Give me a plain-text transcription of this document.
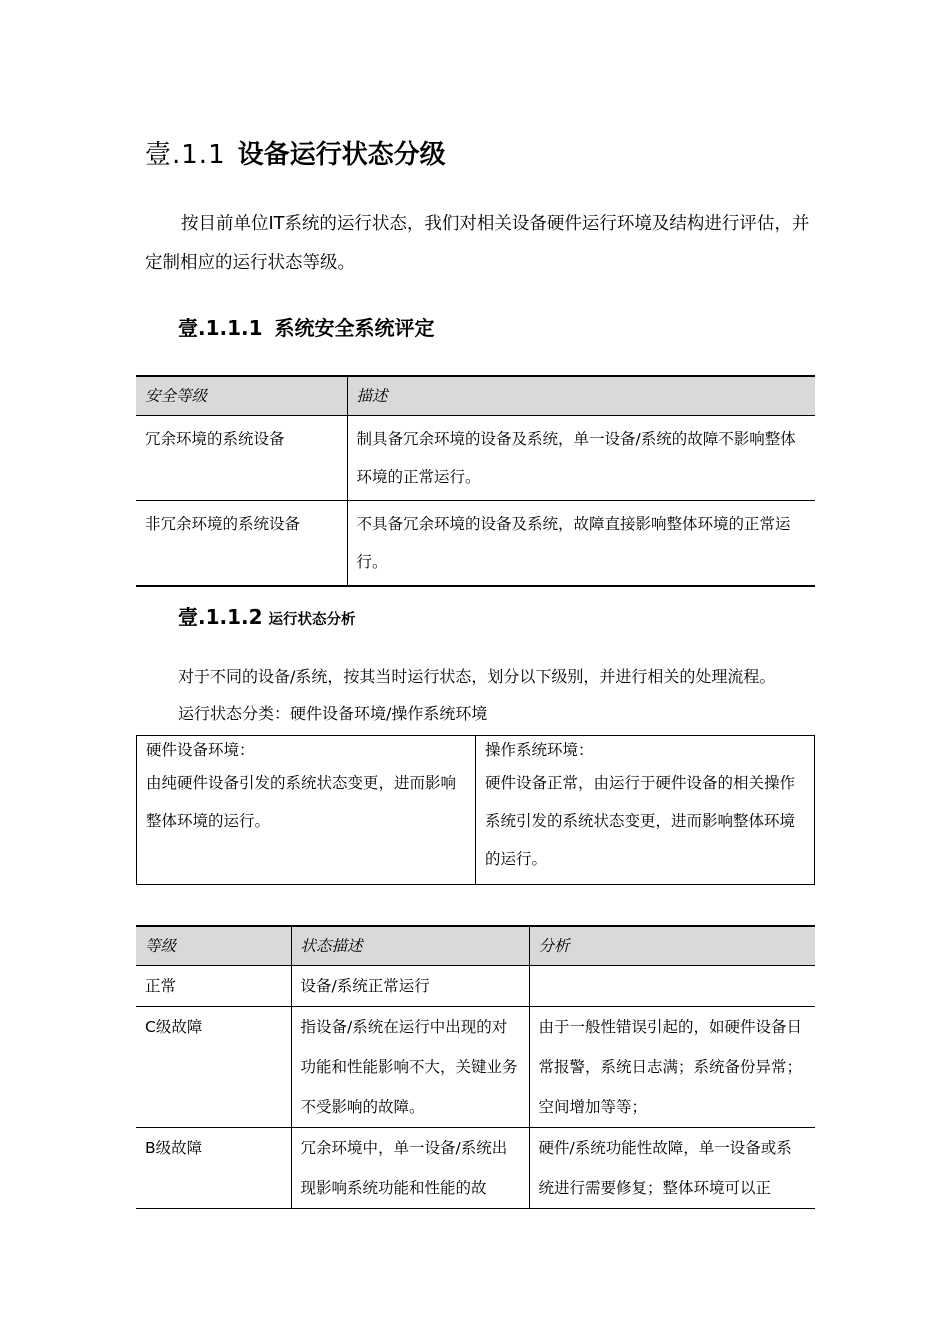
壹.1.1 设备运行状态分级
按目前单位IT系统的运行状态，我们对相关设备硬件运行环境及结构进行评估，并定制相应的运行状态等级。
壹.1.1.1 系统安全系统评定
安全等级	描述
冗余环境的系统设备	制具备冗余环境的设备及系统，单一设备/系统的故障不影响整体环境的正常运行。
非冗余环境的系统设备	不具备冗余环境的设备及系统，故障直接影响整体环境的正常运行。
壹.1.1.2 运行状态分析
对于不同的设备/系统，按其当时运行状态，划分以下级别，并进行相关的处理流程。
运行状态分类：硬件设备环境/操作系统环境
硬件设备环境：
由纯硬件设备引发的系统状态变更，进而影响整体环境的运行。

操作系统环境：
硬件设备正常，由运行于硬件设备的相关操作系统引发的系统状态变更，进而影响整体环境的运行。
等级	状态描述	分析
正常	设备/系统正常运行	
C级故障	指设备/系统在运行中出现的对功能和性能影响不大，关键业务不受影响的故障。	由于一般性错误引起的，如硬件设备日常报警，系统日志满；系统备份异常；空间增加等等；
B级故障	冗余环境中，单一设备/系统出现影响系统功能和性能的故	硬件/系统功能性故障，单一设备或系统进行需要修复；整体环境可以正
